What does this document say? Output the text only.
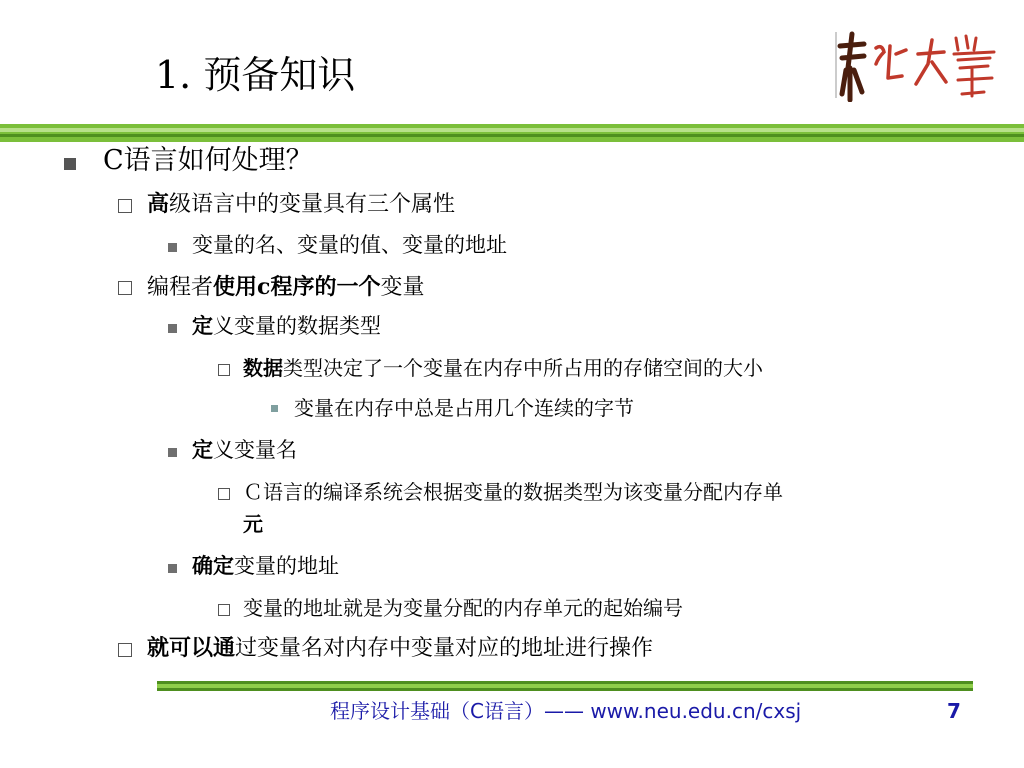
1. 预备知识
C语言如何处理？
高级语言中的变量具有三个属性
变量的名、变量的值、变量的地址
编程者使用c程序的一个变量
定义变量的数据类型
数据类型决定了一个变量在内存中所占用的存储空间的大小
变量在内存中总是占用几个连续的字节
定义变量名
Ｃ语言的编译系统会根据变量的数据类型为该变量分配内存单
元
确定变量的地址
变量的地址就是为变量分配的内存单元的起始编号
就可以通过变量名对内存中变量对应的地址进行操作
程序设计基础（C语言）—— www.neu.edu.cn/cxsj	7
